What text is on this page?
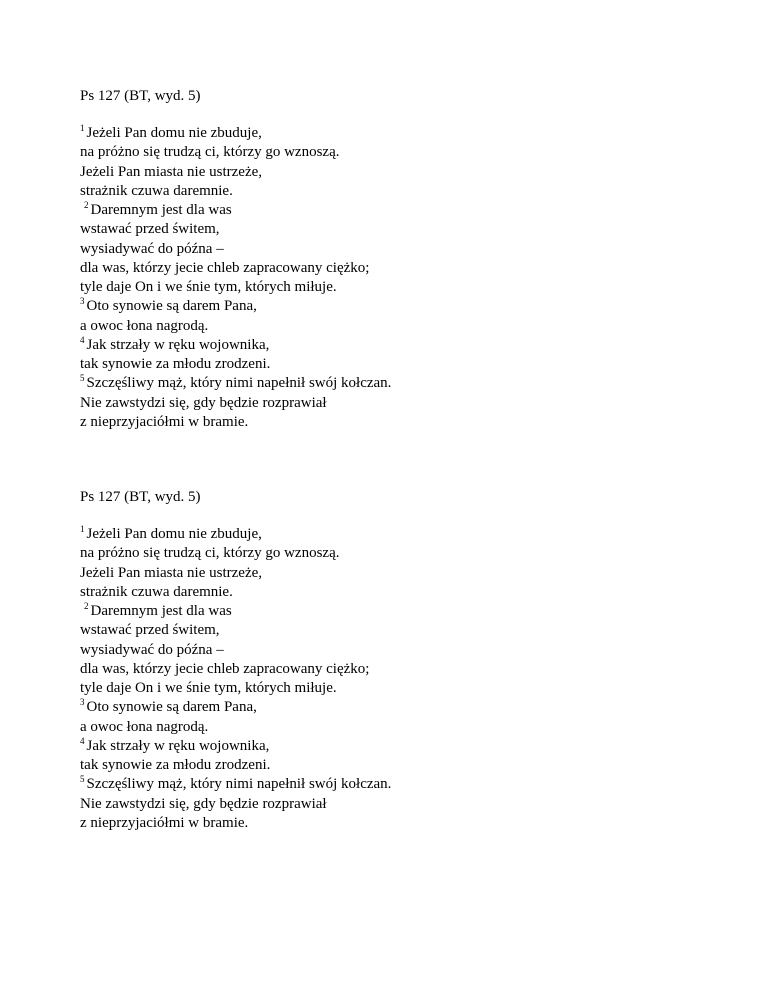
Ps 127 (BT, wyd. 5)
$^1$ Jeżeli Pan domu nie zbuduje,
na próżno się trudzą ci, którzy go wznoszą.
Jeżeli Pan miasta nie ustrzeże,
strażnik czuwa daremnie.
$^2$ Daremnym jest dla was
wstawać przed świtem,
wysiadywać do późna –
dla was, którzy jecie chleb zapracowany ciężko;
tyle daje On i we śnie tym, których miłuje.
$^3$ Oto synowie są darem Pana,
a owoc łona nagrodą.
$^4$ Jak strzały w ręku wojownika,
tak synowie za młodu zrodzeni.
$^5$ Szczęśliwy mąż, który nimi napełnił swój kołczan.
Nie zawstydzi się, gdy będzie rozprawiał
z nieprzyjaciółmi w bramie.
Ps 127 (BT, wyd. 5)
$^1$ Jeżeli Pan domu nie zbuduje,
na próżno się trudzą ci, którzy go wznoszą.
Jeżeli Pan miasta nie ustrzeże,
strażnik czuwa daremnie.
$^2$ Daremnym jest dla was
wstawać przed świtem,
wysiadywać do późna –
dla was, którzy jecie chleb zapracowany ciężko;
tyle daje On i we śnie tym, których miłuje.
$^3$ Oto synowie są darem Pana,
a owoc łona nagrodą.
$^4$ Jak strzały w ręku wojownika,
tak synowie za młodu zrodzeni.
$^5$ Szczęśliwy mąż, który nimi napełnił swój kołczan.
Nie zawstydzi się, gdy będzie rozprawiał
z nieprzyjaciółmi w bramie.
